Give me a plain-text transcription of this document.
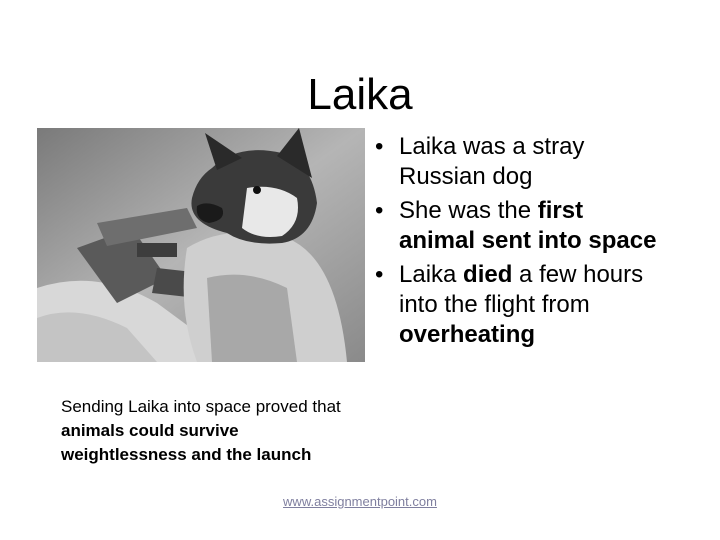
Laika
Sending Laika into space proved that animals could survive weightlessness and the launch
• Laika was a stray Russian dog
• She was the first animal sent into space
• Laika died a few hours into the flight from overheating
www.assignmentpoint.com
